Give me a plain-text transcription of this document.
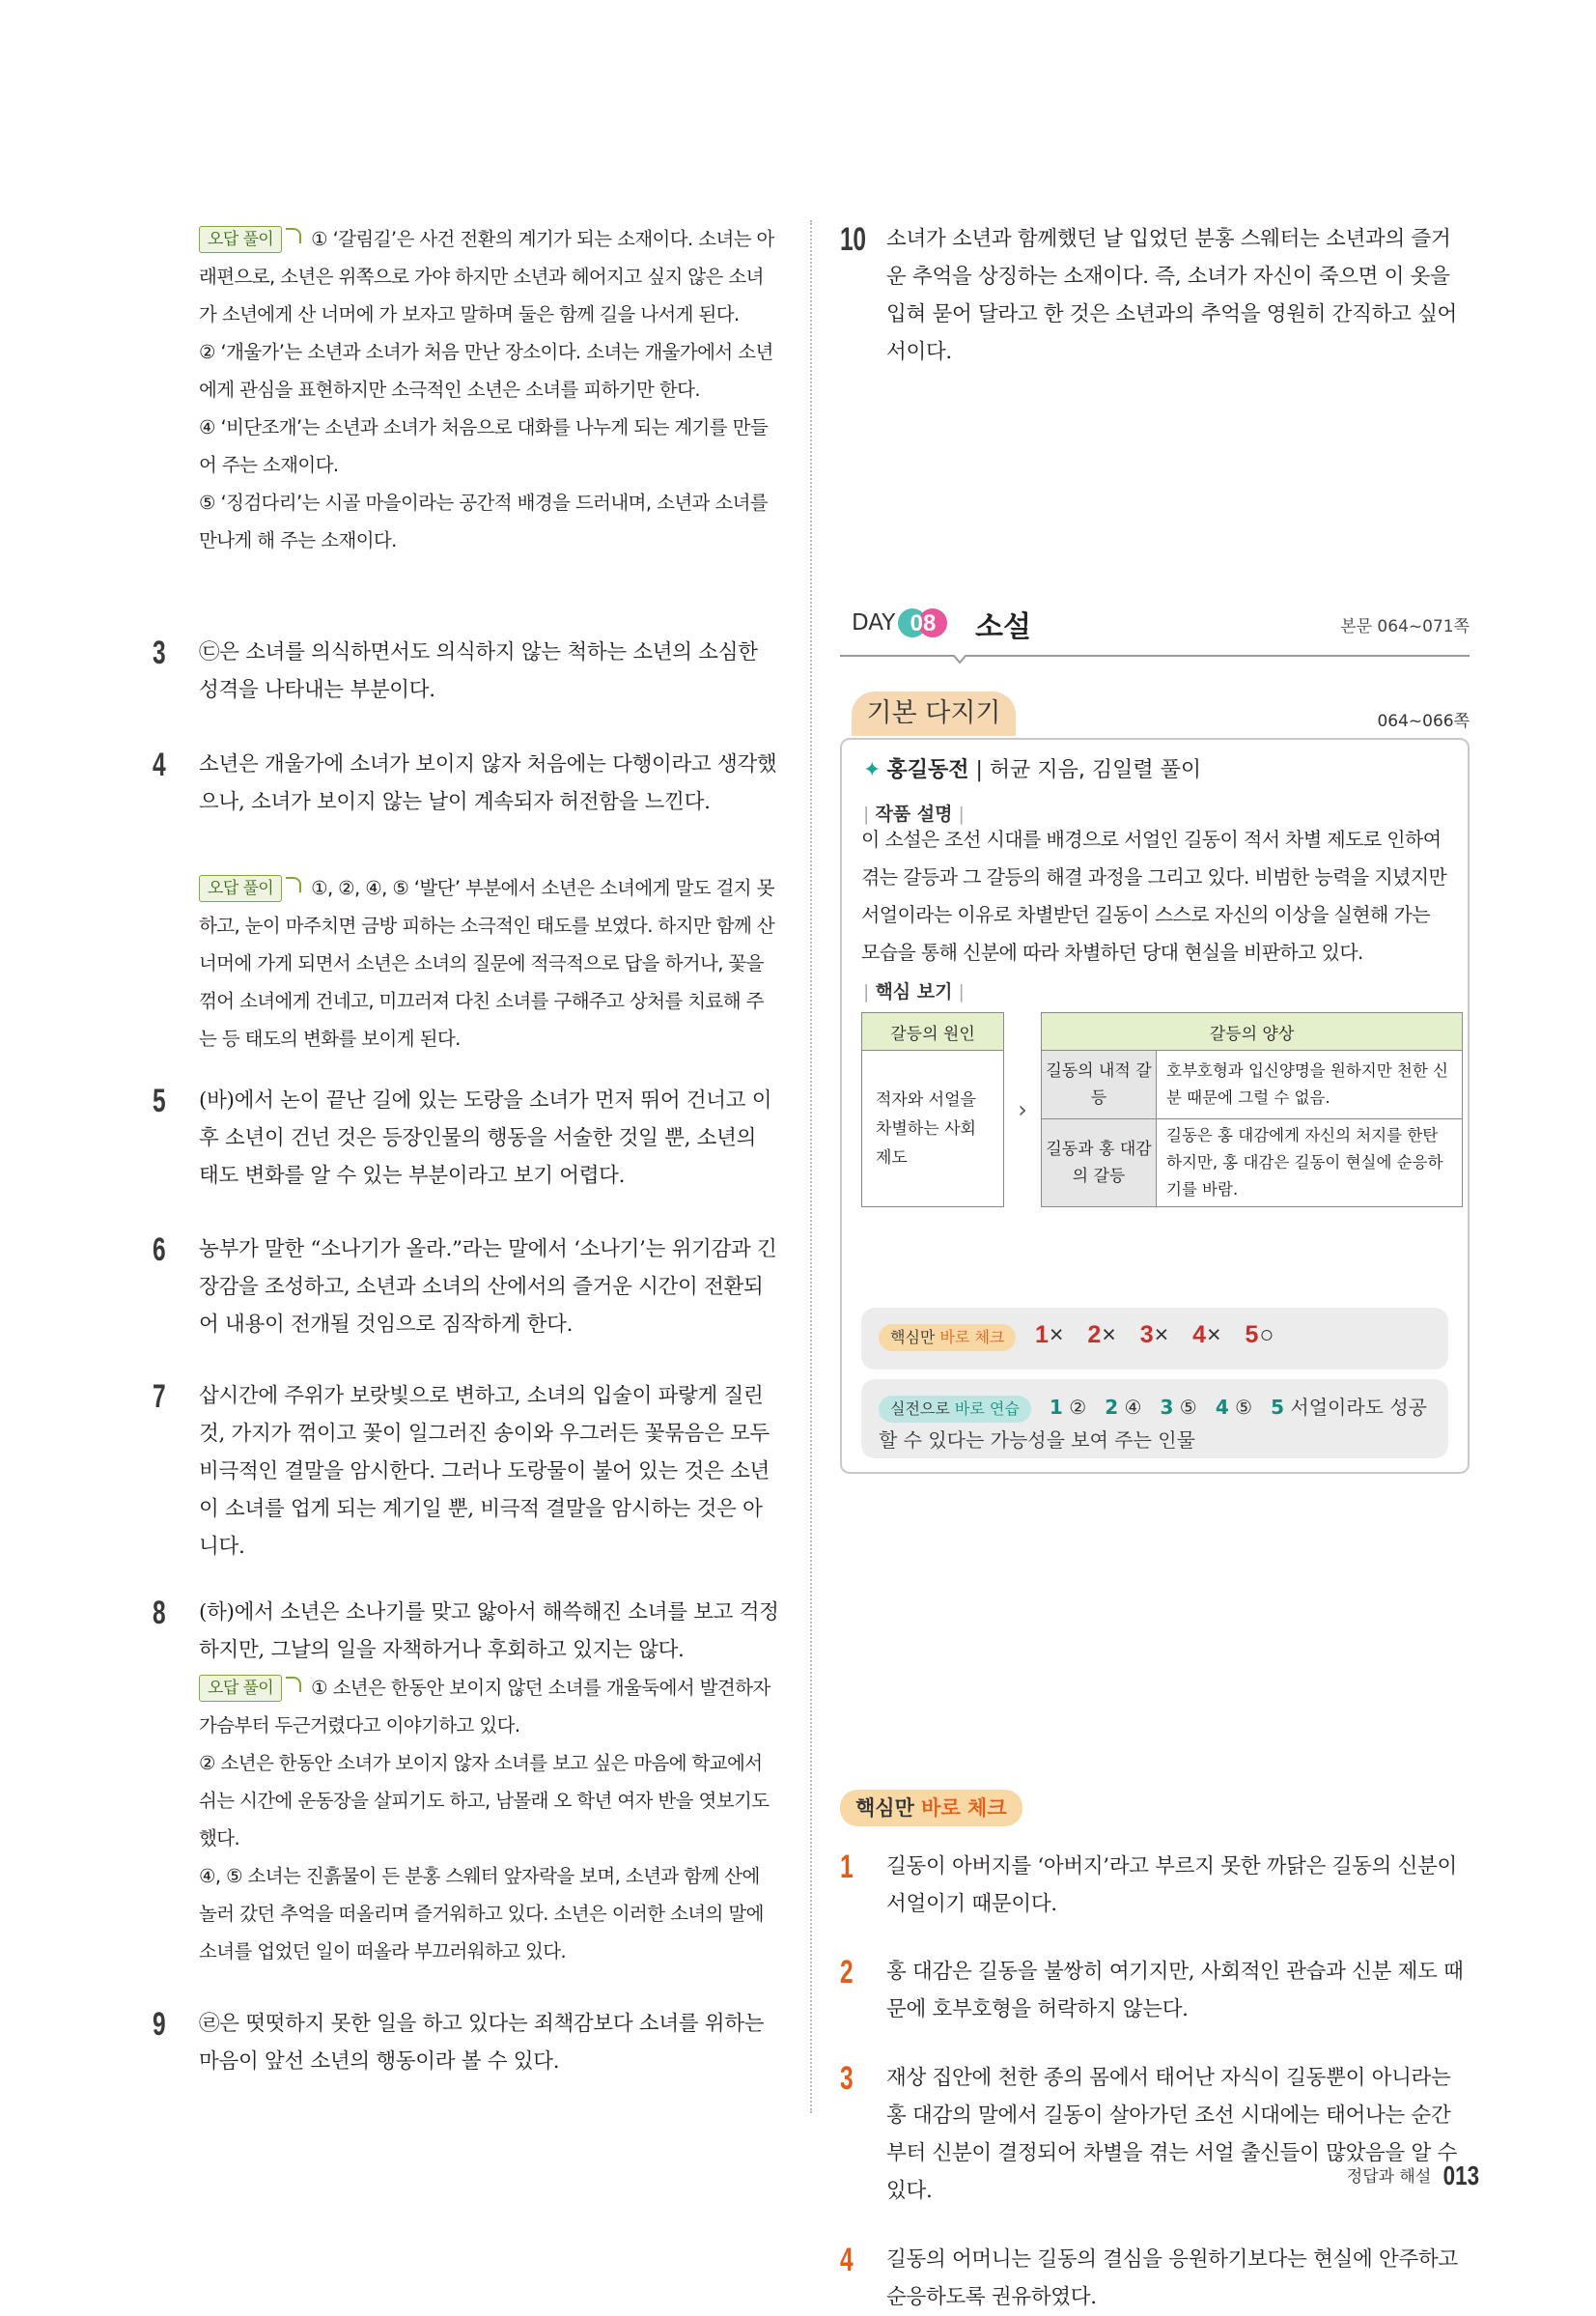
오답 풀이 ① ‘갈림길’은 사건 전환의 계기가 되는 소재이다. 소녀는 아래편으로, 소년은 위쪽으로 가야 하지만 소년과 헤어지고 싶지 않은 소녀가 소년에게 산 너머에 가 보자고 말하며 둘은 함께 길을 나서게 된다.

② ‘개울가’는 소년과 소녀가 처음 만난 장소이다. 소녀는 개울가에서 소년에게 관심을 표현하지만 소극적인 소년은 소녀를 피하기만 한다.

④ ‘비단조개’는 소년과 소녀가 처음으로 대화를 나누게 되는 계기를 만들어 주는 소재이다.

⑤ ‘징검다리’는 시골 마을이라는 공간적 배경을 드러내며, 소년과 소녀를 만나게 해 주는 소재이다.

3 ㉢은 소녀를 의식하면서도 의식하지 않는 척하는 소년의 소심한 성격을 나타내는 부분이다.
4 소년은 개울가에 소녀가 보이지 않자 처음에는 다행이라고 생각했으나, 소녀가 보이지 않는 날이 계속되자 허전함을 느낀다.

오답 풀이 ①, ②, ④, ⑤ ‘발단’ 부분에서 소년은 소녀에게 말도 걸지 못하고, 눈이 마주치면 금방 피하는 소극적인 태도를 보였다. 하지만 함께 산 너머에 가게 되면서 소년은 소녀의 질문에 적극적으로 답을 하거나, 꽃을 꺾어 소녀에게 건네고, 미끄러져 다친 소녀를 구해주고 상처를 치료해 주는 등 태도의 변화를 보이게 된다.

5 (바)에서 논이 끝난 길에 있는 도랑을 소녀가 먼저 뛰어 건너고 이후 소년이 건넌 것은 등장인물의 행동을 서술한 것일 뿐, 소년의 태도 변화를 알 수 있는 부분이라고 보기 어렵다.
6 농부가 말한 “소나기가 올라.”라는 말에서 ‘소나기’는 위기감과 긴장감을 조성하고, 소년과 소녀의 산에서의 즐거운 시간이 전환되어 내용이 전개될 것임으로 짐작하게 한다.
7 삽시간에 주위가 보랏빛으로 변하고, 소녀의 입술이 파랗게 질린 것, 가지가 꺾이고 꽃이 일그러진 송이와 우그러든 꽃묶음은 모두 비극적인 결말을 암시한다. 그러나 도랑물이 불어 있는 것은 소년이 소녀를 업게 되는 계기일 뿐, 비극적 결말을 암시하는 것은 아니다.
8 (하)에서 소년은 소나기를 맞고 앓아서 해쓱해진 소녀를 보고 걱정하지만, 그날의 일을 자책하거나 후회하고 있지는 않다.

오답 풀이 ① 소년은 한동안 보이지 않던 소녀를 개울둑에서 발견하자 가슴부터 두근거렸다고 이야기하고 있다.

② 소년은 한동안 소녀가 보이지 않자 소녀를 보고 싶은 마음에 학교에서 쉬는 시간에 운동장을 살피기도 하고, 남몰래 오 학년 여자 반을 엿보기도 했다.

④, ⑤ 소녀는 진흙물이 든 분홍 스웨터 앞자락을 보며, 소년과 함께 산에 놀러 갔던 추억을 떠올리며 즐거워하고 있다. 소년은 이러한 소녀의 말에 소녀를 업었던 일이 떠올라 부끄러워하고 있다.

9 ㉣은 떳떳하지 못한 일을 하고 있다는 죄책감보다 소녀를 위하는 마음이 앞선 소년의 행동이라 볼 수 있다.
10 소녀가 소년과 함께했던 날 입었던 분홍 스웨터는 소년과의 즐거운 추억을 상징하는 소재이다. 즉, 소녀가 자신이 죽으면 이 옷을 입혀 묻어 달라고 한 것은 소년과의 추억을 영원히 간직하고 싶어서이다.
DAY 08 소설	본문 064~071쪽
기본 다지기	064~066쪽
✦ 홍길동전 | 허균 지음, 김일렬 풀이
| 작품 설명 |
이 소설은 조선 시대를 배경으로 서얼인 길동이 적서 차별 제도로 인하여 겪는 갈등과 그 갈등의 해결 과정을 그리고 있다. 비범한 능력을 지녔지만 서얼이라는 이유로 차별받던 길동이 스스로 자신의 이상을 실현해 가는 모습을 통해 신분에 따라 차별하던 당대 현실을 비판하고 있다.
| 핵심 보기 |
갈등의 원인	›	갈등의 양상	
적자와 서얼을 차별하는 사회 제도		길동의 내적 갈등	호부호형과 입신양명을 원하지만 천한 신분 때문에 그럴 수 없음.
		길동과 홍 대감의 갈등	길동은 홍 대감에게 자신의 처지를 한탄하지만, 홍 대감은 길동이 현실에 순응하기를 바람.
핵심만 바로 체크	1× 2× 3× 4× 5○
실전으로 바로 연습 1 ② 2 ④ 3 ⑤ 4 ⑤ 5 서얼이라도 성공할 수 있다는 가능성을 보여 주는 인물
핵심만 바로 체크
1 길동이 아버지를 ‘아버지’라고 부르지 못한 까닭은 길동의 신분이 서얼이기 때문이다.
2 홍 대감은 길동을 불쌍히 여기지만, 사회적인 관습과 신분 제도 때문에 호부호형을 허락하지 않는다.
3 재상 집안에 천한 종의 몸에서 태어난 자식이 길동뿐이 아니라는 홍 대감의 말에서 길동이 살아가던 조선 시대에는 태어나는 순간부터 신분이 결정되어 차별을 겪는 서얼 출신들이 많았음을 알 수 있다.
4 길동의 어머니는 길동의 결심을 응원하기보다는 현실에 안주하고 순응하도록 권유하였다.
정답과 해설 013
